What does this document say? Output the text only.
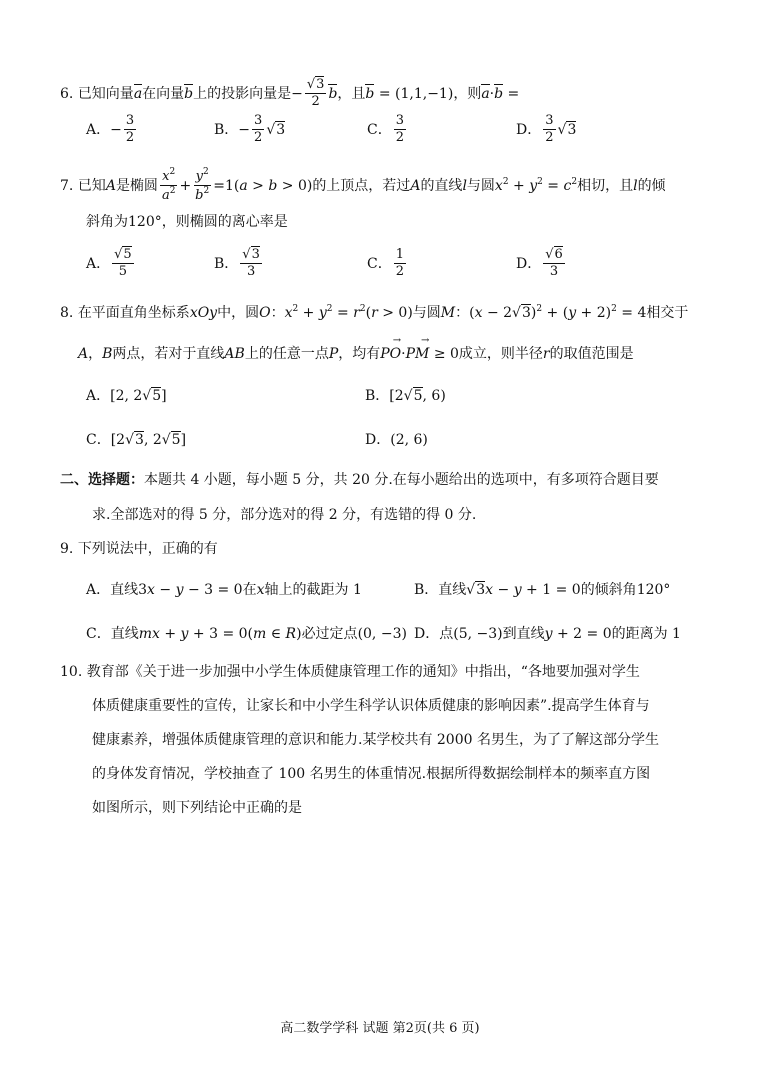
6. 已知向量a在向量b上的投影向量是− $\frac{√3}{2}$ b，且b = (1,1,−1)，则a·b =
A．− $\frac{3}{2}$	B．− $\frac{3}{2} √3$	C． $\frac{3}{2}$	D． $\frac{3}{2} √3$
7. 已知A是椭圆 $\frac{x^2}{a^2} + \frac{y^2}{b^2} =1(a > b > 0)$的上顶点，若过A的直线l与圆$x^2 + y^2 = c^2$相切，且l的倾
斜角为120°，则椭圆的离心率是
A． $\frac{√5}{5}$	B． $\frac{√3}{3}$	C． $\frac{1}{2}$	D． $\frac{√6}{3}$
8. 在平面直角坐标系xOy中，圆O：$x^2 + y^2 = r^2(r > 0)$与圆M：$(x - 2√3)^2 + (y + 2)^2 = 4$相交于
A，B两点，若对于直线AB上的任意一点P，均有→ PO·→ PM ≥ 0成立，则半径r的取值范围是
A．[2, 2√5]	B．[2√5, 6)
C．[2√3, 2√5]	D．(2, 6)
二、选择题：本题共 4 小题，每小题 5 分，共 20 分.在每小题给出的选项中，有多项符合题目要
求.全部选对的得 5 分，部分选对的得 2 分，有选错的得 0 分.
9. 下列说法中，正确的有
A．直线3x − y − 3 = 0在x轴上的截距为 1	B．直线√3x − y + 1 = 0的倾斜角120°
C．直线mx + y + 3 = 0(m ∈ R)必过定点(0, −3) D．点(5, −3)到直线y + 2 = 0的距离为 1
10. 教育部《关于进一步加强中小学生体质健康管理工作的通知》中指出，“各地要加强对学生
体质健康重要性的宣传，让家长和中小学生科学认识体质健康的影响因素”.提高学生体育与
健康素养，增强体质健康管理的意识和能力.某学校共有 2000 名男生，为了了解这部分学生
的身体发育情况，学校抽查了 100 名男生的体重情况.根据所得数据绘制样本的频率直方图
如图所示，则下列结论中正确的是
高二数学学科 试题 第2页(共 6 页)
